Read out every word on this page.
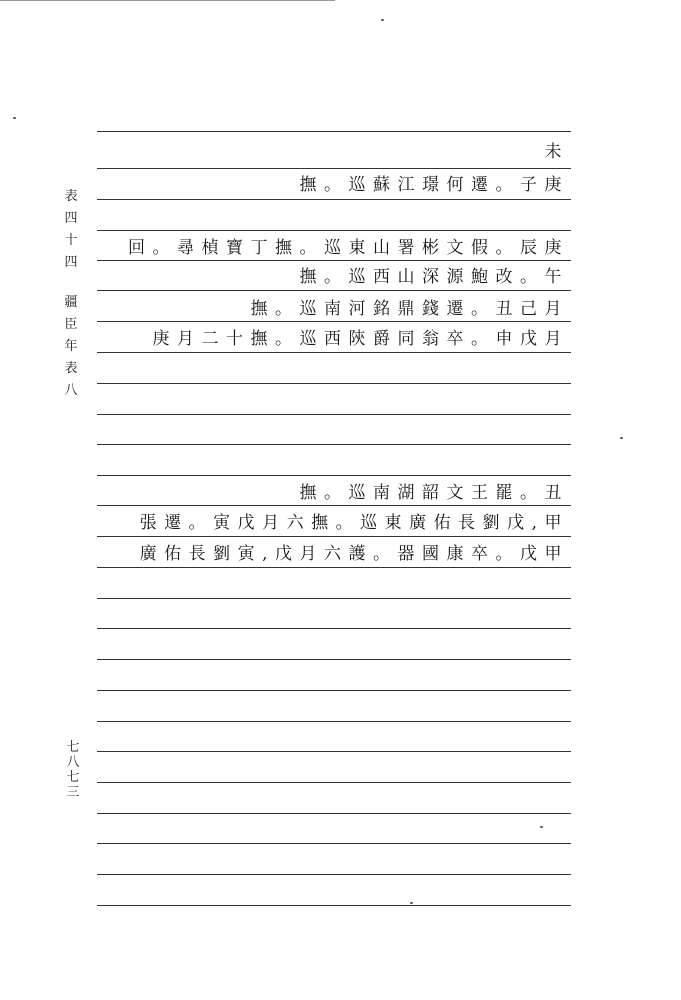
表
四
十
四
疆
臣
年
表
八
七
八
七
三
未
撫。巡蘇江璟何遷。子庚
回。尋楨寶丁撫。巡東山署彬文假。辰庚
撫。巡西山深源鮑改。午
撫。巡南河銘鼎錢遷。丑己月
庚月二十撫。巡西陝爵同翁卒。申戊月
撫。巡南湖韶文王罷。丑
張遷。寅戊月六撫。巡東廣佑長劉戊,甲
廣佑長劉寅,戊月六護。器國康卒。戊甲
